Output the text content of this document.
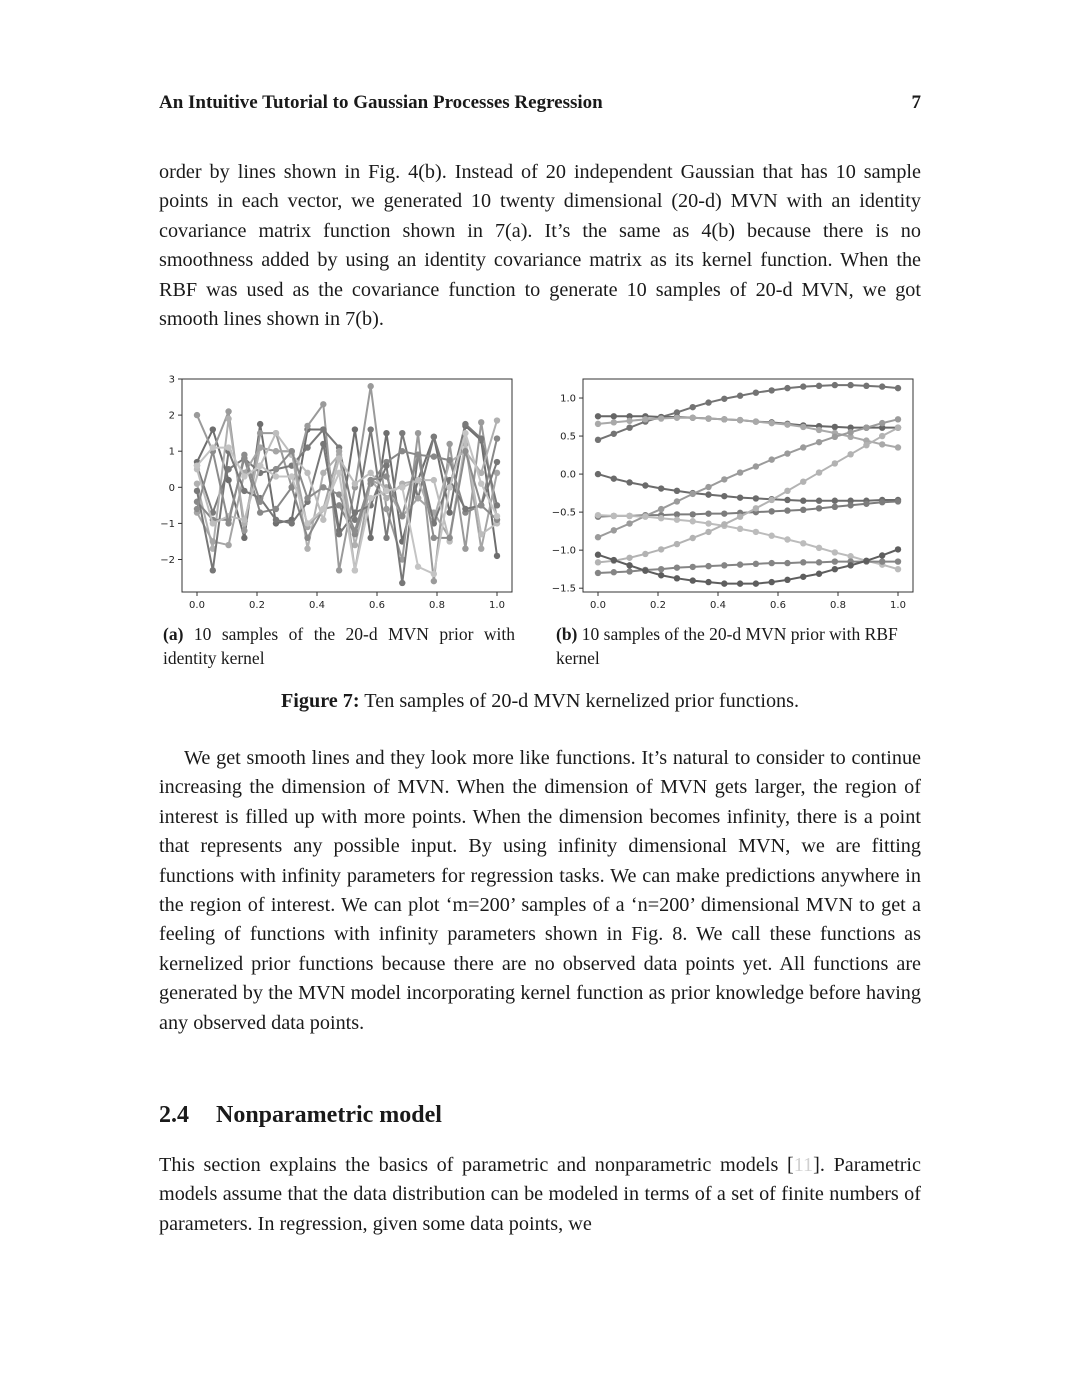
An Intuitive Tutorial to Gaussian Processes Regression	7

order by lines shown in Fig. 4(b). Instead of 20 independent Gaussian that has 10 sample points in each vector, we generated 10 twenty dimensional (20-d) MVN with an identity covariance matrix function shown in 7(a). It’s the same as 4(b) because there is no smoothness added by using an identity covariance matrix as its kernel function. When the RBF was used as the covariance function to generate 10 samples of 20-d MVN, we got smooth lines shown in 7(b).

0.0	0.2	0.4	0.6	0.8	1.0
3
2
1
0
−1
−2
0.0	0.2	0.4	0.6	0.8	1.0
1.0
0.5
0.0
−0.5
−1.0
−1.5
(a) 10 samples of the 20-d MVN prior with identity kernel
(b) 10 samples of the 20-d MVN prior with RBF kernel
Figure 7: Ten samples of 20-d MVN kernelized prior functions.

We get smooth lines and they look more like functions. It’s natural to consider to continue increasing the dimension of MVN. When the dimension of MVN gets larger, the region of interest is filled up with more points. When the dimension becomes infinity, there is a point that represents any possible input. By using infinity dimensional MVN, we are fitting functions with infinity parameters for regression tasks. We can make predictions anywhere in the region of interest. We can plot ‘m=200’ samples of a ‘n=200’ dimensional MVN to get a feeling of functions with infinity parameters shown in Fig. 8. We call these functions as kernelized prior functions because there are no observed data points yet. All functions are generated by the MVN model incorporating kernel function as prior knowledge before having any observed data points.

2.4 Nonparametric model

This section explains the basics of parametric and nonparametric models [11]. Parametric models assume that the data distribution can be modeled in terms of a set of finite numbers of parameters. In regression, given some data points, we
